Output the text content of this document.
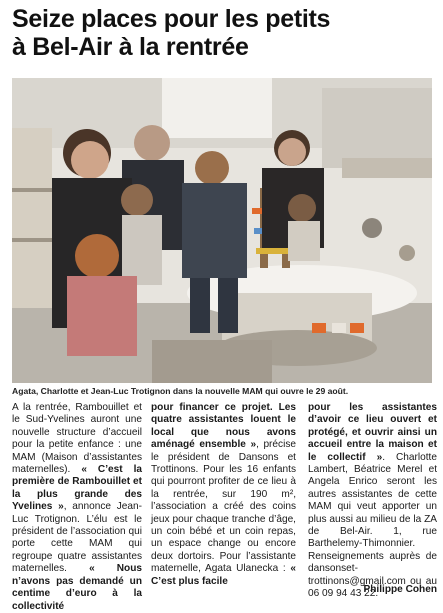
Seize places pour les petits
à Bel-Air à la rentrée
Agata, Charlotte et Jean-Luc Trotignon dans la nouvelle MAM qui ouvre le 29 août.

A la rentrée, Rambouillet et le Sud-Yvelines auront une nouvelle structure d’accueil pour la petite enfance : une MAM (Maison d’assistantes maternelles). « C’est la première de Rambouillet et la plus grande des Yvelines », annonce Jean-Luc Trotignon. L’élu est le président de l’association qui porte cette MAM qui regroupe quatre assistantes maternelles. « Nous n’avons pas demandé un centime d’euro à la collectivité

pour financer ce projet. Les quatre assistantes louent le local que nous avons aménagé ensemble », précise le président de Dansons et Trottinons. Pour les 16 enfants qui pourront profiter de ce lieu à la rentrée, sur 190 m², l’association a créé des coins jeux pour chaque tranche d’âge, un coin bébé et un coin repas, un espace change ou encore deux dortoirs. Pour l’assistante maternelle, Agata Ulanecka : « C’est plus facile

pour les assistantes d’avoir ce lieu ouvert et protégé, et ouvrir ainsi un accueil entre la maison et le collectif ». Charlotte Lambert, Béatrice Merel et Angela Enrico seront les autres assistantes de cette MAM qui veut apporter un plus aussi au milieu de la ZA de Bel-Air. 1, rue Barthelemy-Thimonnier. Renseignements auprès de dansonset-trottinons@gmail.com ou au 06 09 94 43 22.

Philippe Cohen
